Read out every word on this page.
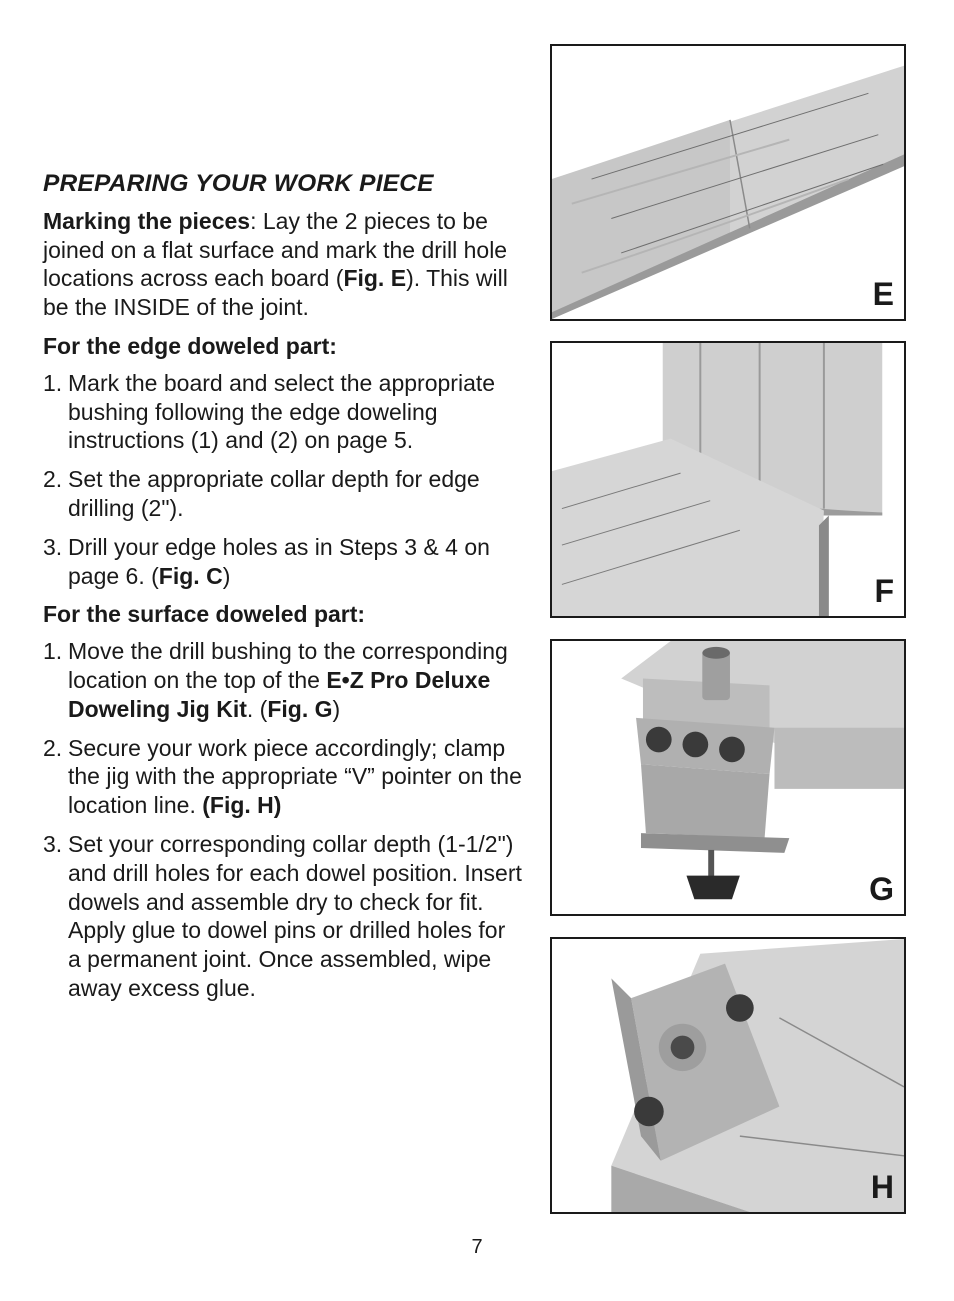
PREPARING YOUR WORK PIECE

Marking the pieces: Lay the 2 pieces to be joined on a flat surface and mark the drill hole locations across each board (Fig. E). This will be the INSIDE of the joint.

For the edge doweled part:
1. Mark the board and select the appropriate bushing following the edge doweling instructions (1) and (2) on page 5.
2. Set the appropriate collar depth for edge drilling (2").
3. Drill your edge holes as in Steps 3 & 4 on page 6. (Fig. C)
For the surface doweled part:
1. Move the drill bushing to the corresponding location on the top of the E•Z Pro Deluxe Doweling Jig Kit. (Fig. G)
2. Secure your work piece accordingly; clamp the jig with the appropriate “V” pointer on the location line. (Fig. H)
3. Set your corresponding collar depth (1-1/2") and drill holes for each dowel position. Insert dowels and assemble dry to check for fit. Apply glue to dowel pins or drilled holes for a permanent joint. Once assembled, wipe away excess glue.
E
F
G
H
7
